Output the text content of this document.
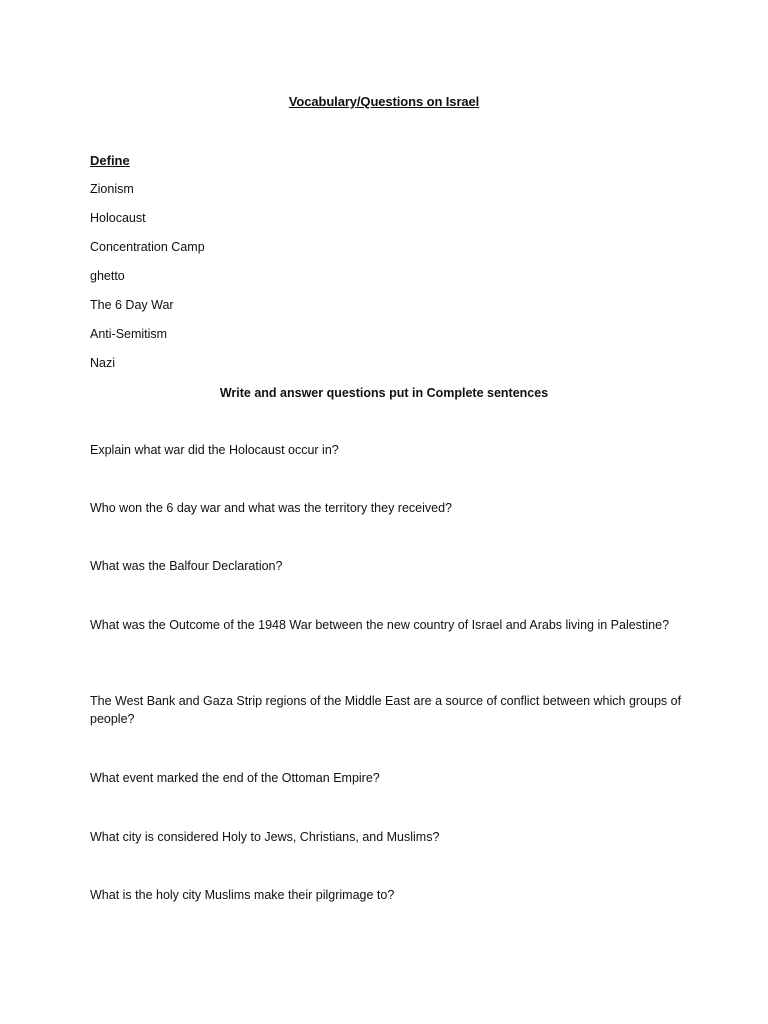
Vocabulary/Questions on Israel
Define
Zionism
Holocaust
Concentration Camp
ghetto
The 6 Day War
Anti-Semitism
Nazi
Write and answer questions put in Complete sentences
Explain what war did the Holocaust occur in?
Who won the 6 day war and what was the territory they received?
What was the Balfour Declaration?
What was the Outcome of the 1948 War between the new country of Israel and Arabs living in Palestine?
The West Bank and Gaza Strip regions of the Middle East are a source of conflict between which groups of people?
What event marked the end of the Ottoman Empire?
What city is considered Holy to Jews, Christians, and Muslims?
What is the holy city Muslims make their pilgrimage to?
